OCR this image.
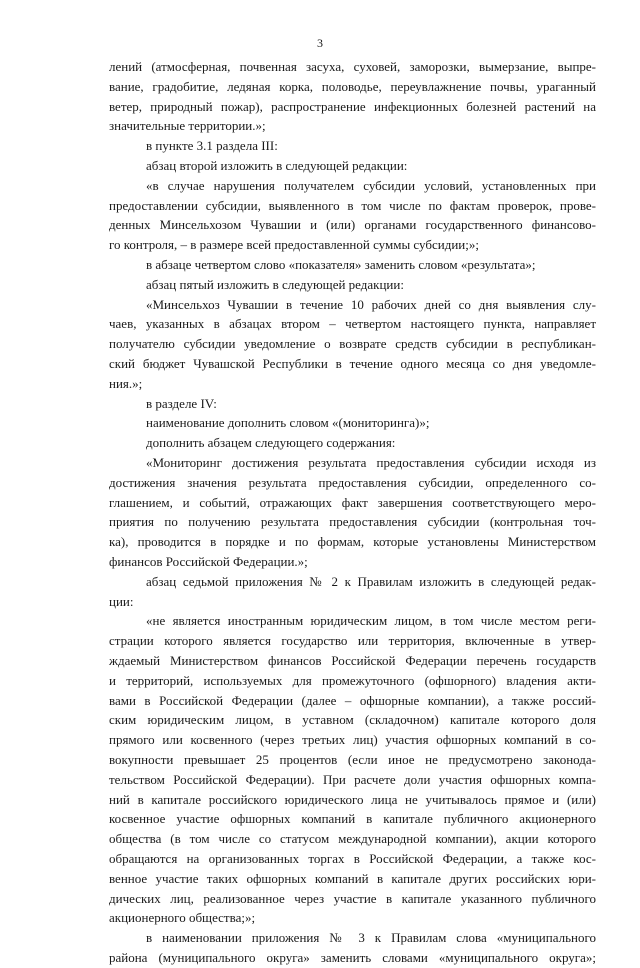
3
лений (атмосферная, почвенная засуха, суховей, заморозки, вымерзание, выпре-
вание, градобитие, ледяная корка, половодье, переувлажнение почвы, ураганный
ветер, природный пожар), распространение инфекционных болезней растений на
значительные территории.»;
в пункте 3.1 раздела III:
абзац второй изложить в следующей редакции:
«в случае нарушения получателем субсидии условий, установленных при
предоставлении субсидии, выявленного в том числе по фактам проверок, прове-
денных Минсельхозом Чувашии и (или) органами государственного финансово-
го контроля, – в размере всей предоставленной суммы субсидии;»;
в абзаце четвертом слово «показателя» заменить словом «результата»;
абзац пятый изложить в следующей редакции:
«Минсельхоз Чувашии в течение 10 рабочих дней со дня выявления слу-
чаев, указанных в абзацах втором – четвертом настоящего пункта, направляет
получателю субсидии уведомление о возврате средств субсидии в республикан-
ский бюджет Чувашской Республики в течение одного месяца со дня уведомле-
ния.»;
в разделе IV:
наименование дополнить словом «(мониторинга)»;
дополнить абзацем следующего содержания:
«Мониторинг достижения результата предоставления субсидии исходя из
достижения значения результата предоставления субсидии, определенного со-
глашением, и событий, отражающих факт завершения соответствующего меро-
приятия по получению результата предоставления субсидии (контрольная точ-
ка), проводится в порядке и по формам, которые установлены Министерством
финансов Российской Федерации.»;
абзац седьмой приложения № 2 к Правилам изложить в следующей редак-
ции:
«не является иностранным юридическим лицом, в том числе местом реги-
страции которого является государство или территория, включенные в утвер-
ждаемый Министерством финансов Российской Федерации перечень государств
и территорий, используемых для промежуточного (офшорного) владения акти-
вами в Российской Федерации (далее – офшорные компании), а также россий-
ским юридическим лицом, в уставном (складочном) капитале которого доля
прямого или косвенного (через третьих лиц) участия офшорных компаний в со-
вокупности превышает 25 процентов (если иное не предусмотрено законода-
тельством Российской Федерации). При расчете доли участия офшорных компа-
ний в капитале российского юридического лица не учитывалось прямое и (или)
косвенное участие офшорных компаний в капитале публичного акционерного
общества (в том числе со статусом международной компании), акции которого
обращаются на организованных торгах в Российской Федерации, а также кос-
венное участие таких офшорных компаний в капитале других российских юри-
дических лиц, реализованное через участие в капитале указанного публичного
акционерного общества;»;
в наименовании приложения № 3 к Правилам слова «муниципального
района (муниципального округа» заменить словами «муниципального округа»;
